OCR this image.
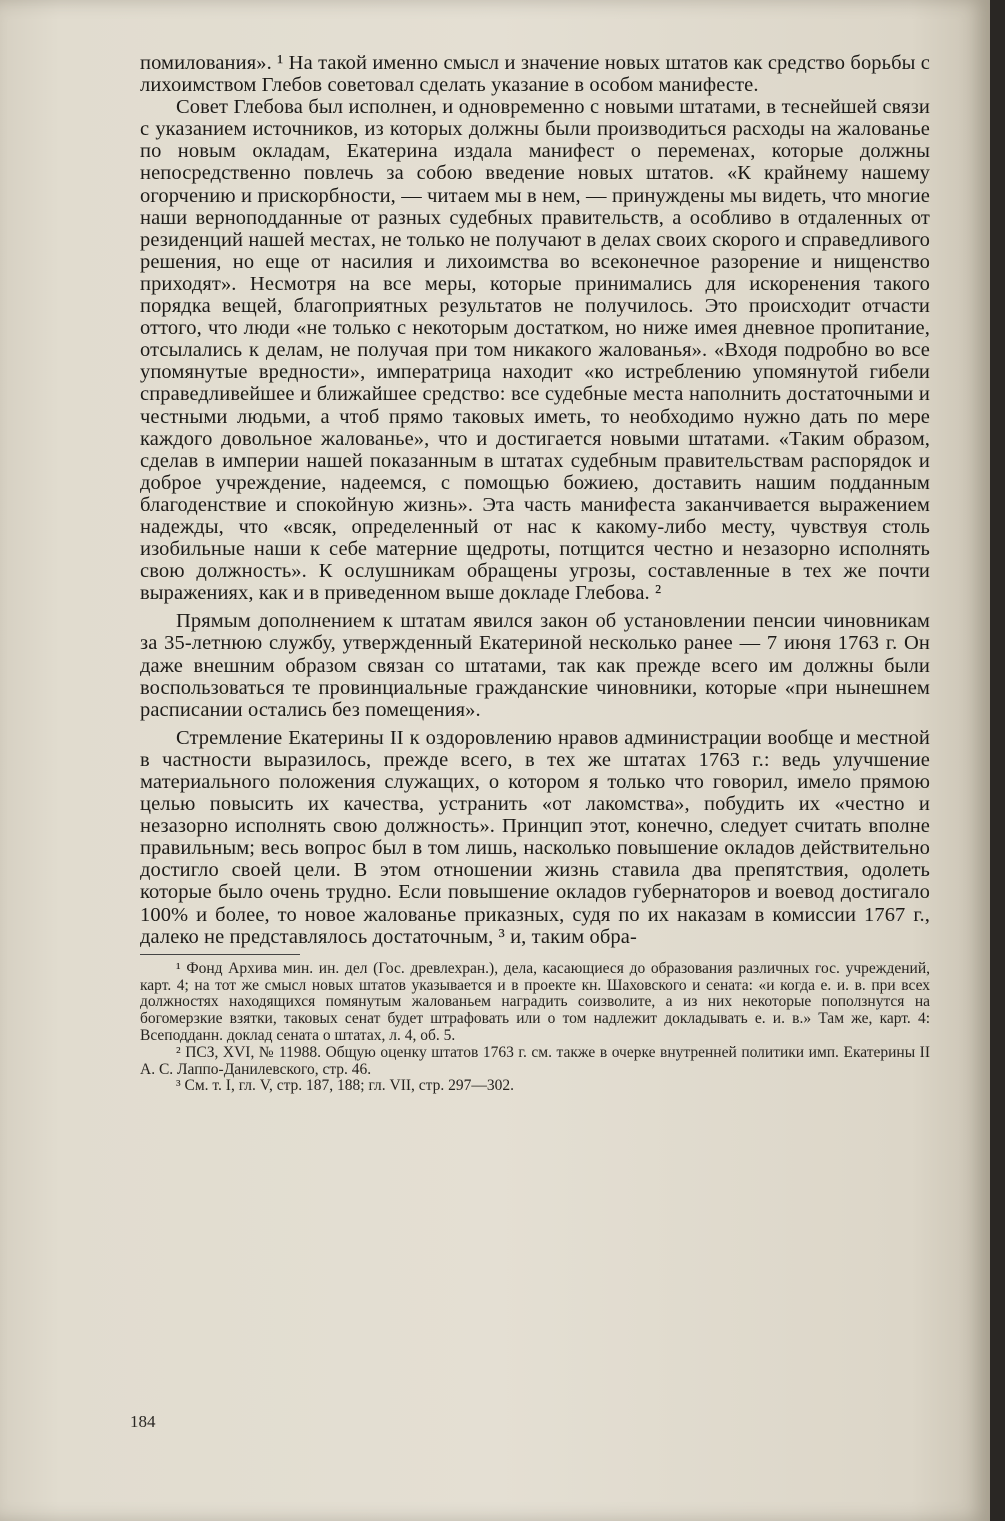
помилования». ¹ На такой именно смысл и значение новых штатов как средство борьбы с лихоимством Глебов советовал сделать указание в особом манифесте.

Совет Глебова был исполнен, и одновременно с новыми штатами, в теснейшей связи с указанием источников, из которых должны были производиться расходы на жалованье по новым окладам, Екатерина издала манифест о переменах, которые должны непосредственно повлечь за собою введение новых штатов. «К крайнему нашему огорчению и прискорбности, — читаем мы в нем, — принуждены мы видеть, что многие наши верноподданные от разных судебных правительств, а особливо в отдаленных от резиденций нашей местах, не только не получают в делах своих скорого и справедливого решения, но еще от насилия и лихоимства во всеконечное разорение и нищенство приходят». Несмотря на все меры, которые принимались для искоренения такого порядка вещей, благоприятных результатов не получилось. Это происходит отчасти оттого, что люди «не только с некоторым достатком, но ниже имея дневное пропитание, отсылались к делам, не получая при том никакого жалованья». «Входя подробно во все упомянутые вредности», императрица находит «ко истреблению упомянутой гибели справедливейшее и ближайшее средство: все судебные места наполнить достаточными и честными людьми, а чтоб прямо таковых иметь, то необходимо нужно дать по мере каждого довольное жалованье», что и достигается новыми штатами. «Таким образом, сделав в империи нашей показанным в штатах судебным правительствам распорядок и доброе учреждение, надеемся, с помощью божиею, доставить нашим подданным благоденствие и спокойную жизнь». Эта часть манифеста заканчивается выражением надежды, что «всяк, определенный от нас к какому-либо месту, чувствуя столь изобильные наши к себе матерние щедроты, потщится честно и незазорно исполнять свою должность». К ослушникам обращены угрозы, составленные в тех же почти выражениях, как и в приведенном выше докладе Глебова. ²

Прямым дополнением к штатам явился закон об установлении пенсии чиновникам за 35-летнюю службу, утвержденный Екатериной несколько ранее — 7 июня 1763 г. Он даже внешним образом связан со штатами, так как прежде всего им должны были воспользоваться те провинциальные гражданские чиновники, которые «при нынешнем расписании остались без помещения».

Стремление Екатерины II к оздоровлению нравов администрации вообще и местной в частности выразилось, прежде всего, в тех же штатах 1763 г.: ведь улучшение материального положения служащих, о котором я только что говорил, имело прямою целью повысить их качества, устранить «от лакомства», побудить их «честно и незазорно исполнять свою должность». Принцип этот, конечно, следует считать вполне правильным; весь вопрос был в том лишь, насколько повышение окладов действительно достигло своей цели. В этом отношении жизнь ставила два препятствия, одолеть которые было очень трудно. Если повышение окладов губернаторов и воевод достигало 100% и более, то новое жалованье приказных, судя по их наказам в комиссии 1767 г., далеко не представлялось достаточным, ³ и, таким обра-

¹ Фонд Архива мин. ин. дел (Гос. древлехран.), дела, касающиеся до образования различных гос. учреждений, карт. 4; на тот же смысл новых штатов указывается и в проекте кн. Шаховского и сената: «и когда е. и. в. при всех должностях находящихся помянутым жалованьем наградить соизволите, а из них некоторые поползнутся на богомерзкие взятки, таковых сенат будет штрафовать или о том надлежит докладывать е. и. в.» Там же, карт. 4: Всеподданн. доклад сената о штатах, л. 4, об. 5.

² ПСЗ, XVI, № 11988. Общую оценку штатов 1763 г. см. также в очерке внутренней политики имп. Екатерины II А. С. Лаппо-Данилевского, стр. 46.

³ См. т. I, гл. V, стр. 187, 188; гл. VII, стр. 297—302.

184
